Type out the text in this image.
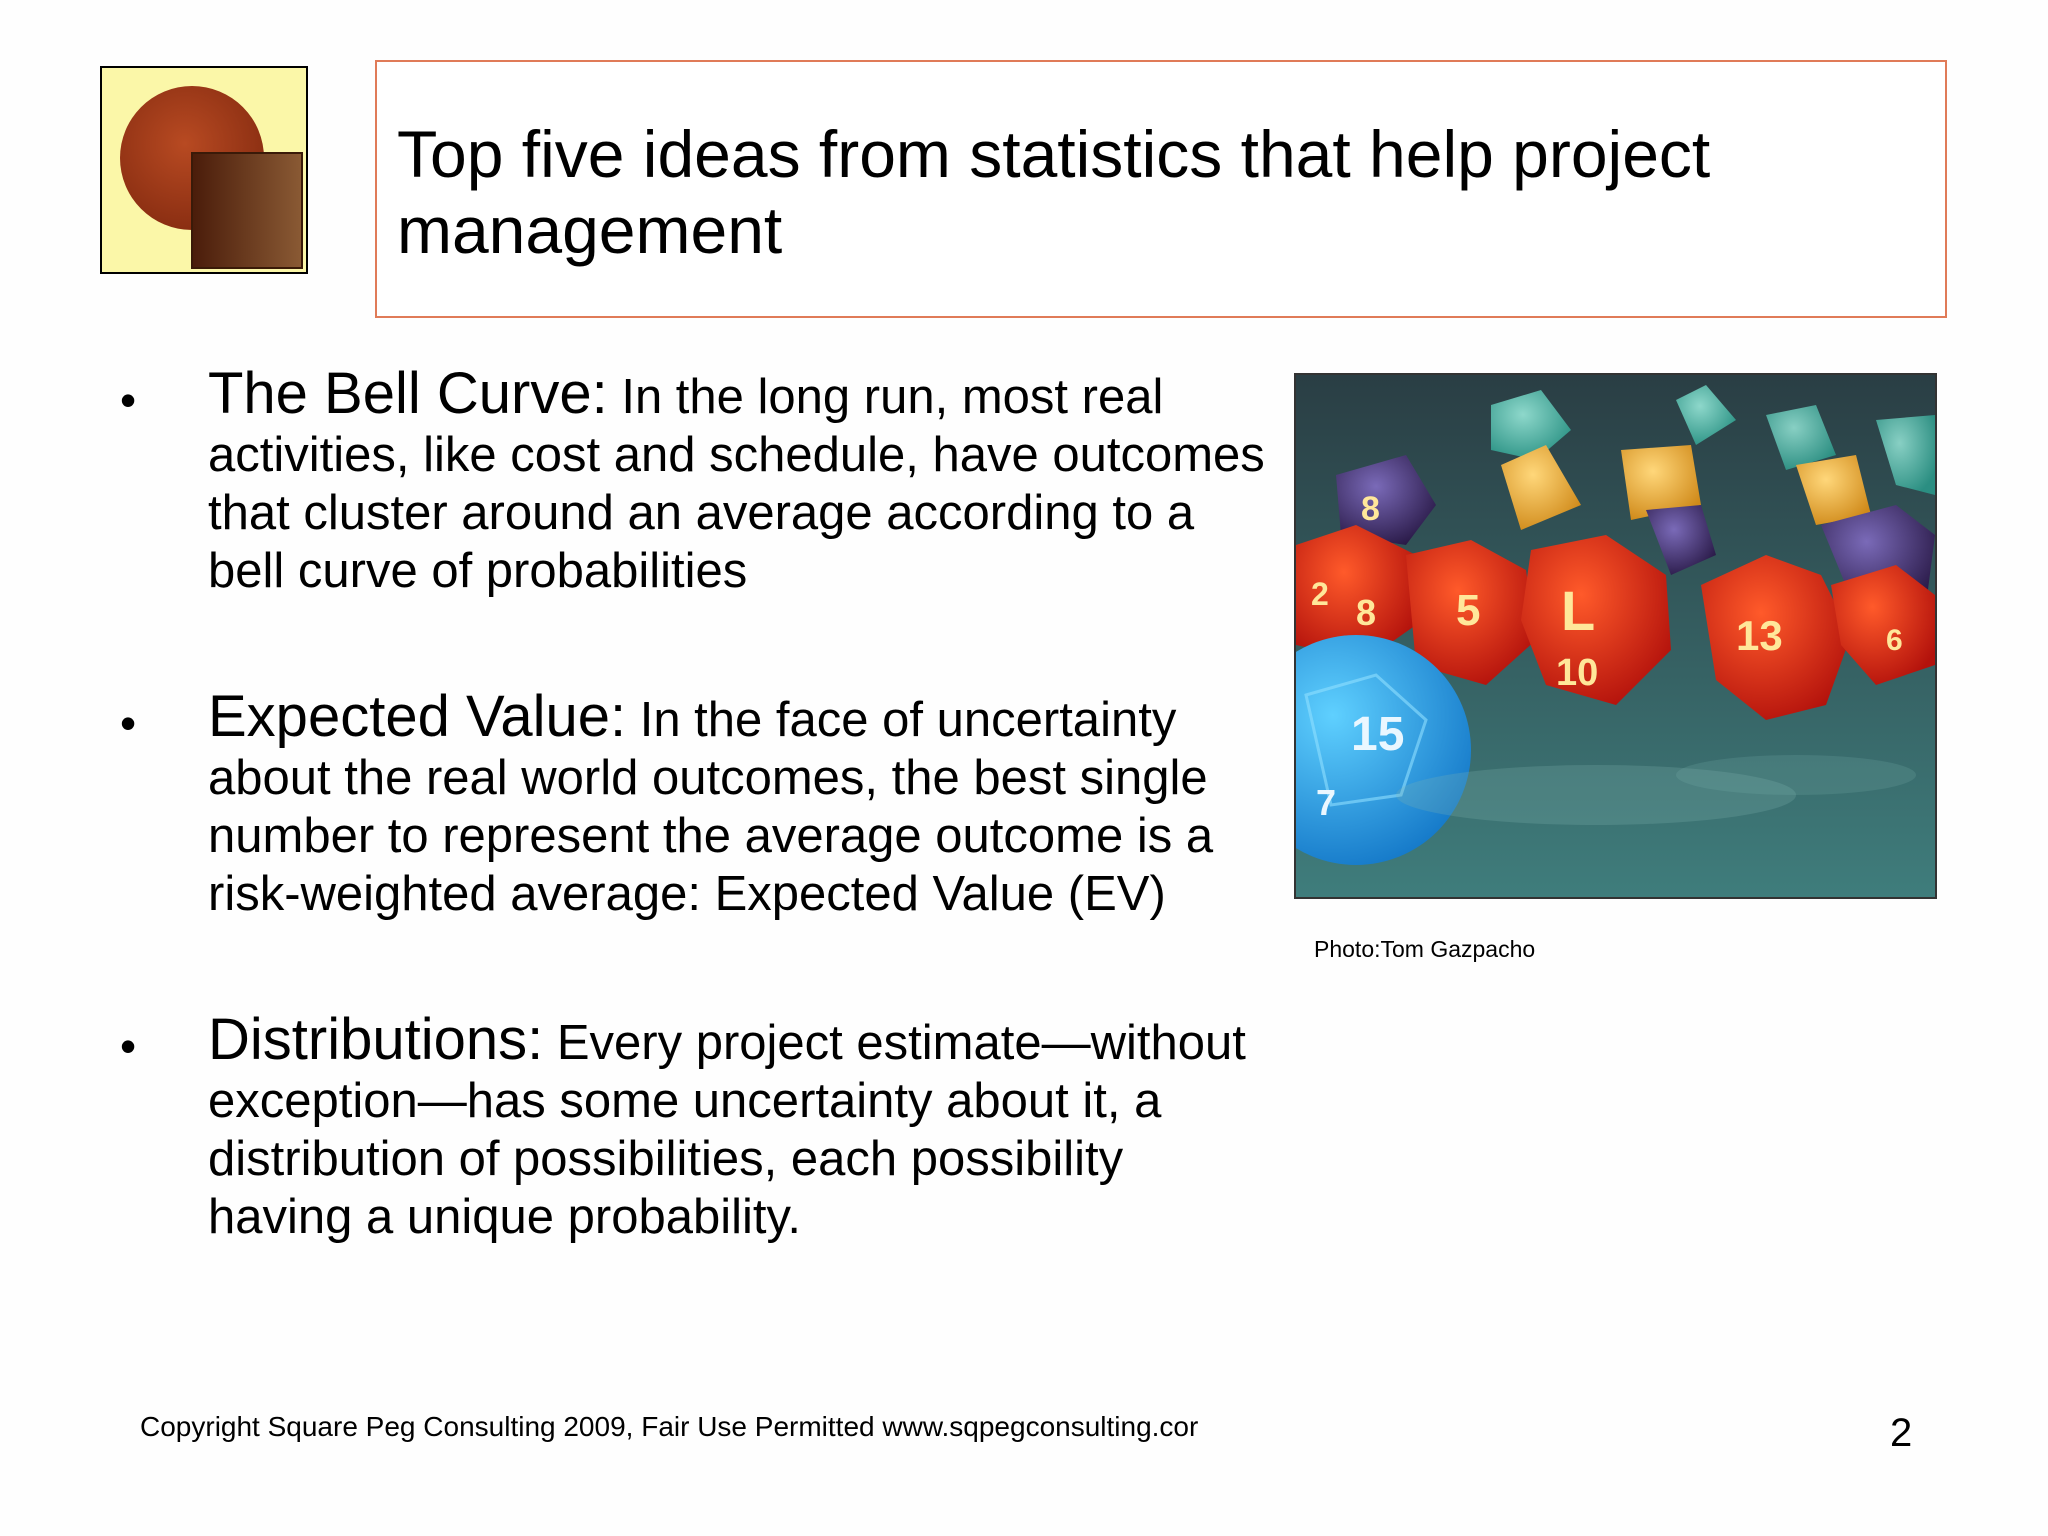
Top five ideas from statistics that help project management
• The Bell Curve: In the long run, most real activities, like cost and schedule, have outcomes that cluster around an average according to a bell curve of probabilities

• Expected Value: In the face of uncertainty about the real world outcomes, the best single number to represent the average outcome is a risk-weighted average: Expected Value (EV)

• Distributions: Every project estimate—without exception—has some uncertainty about it, a distribution of possibilities, each possibility having a unique probability.

15
7
L
5
10
13
8
2
8
6
Photo:Tom Gazpacho
Copyright Square Peg Consulting 2009, Fair Use Permitted www.sqpegconsulting.cor	2
